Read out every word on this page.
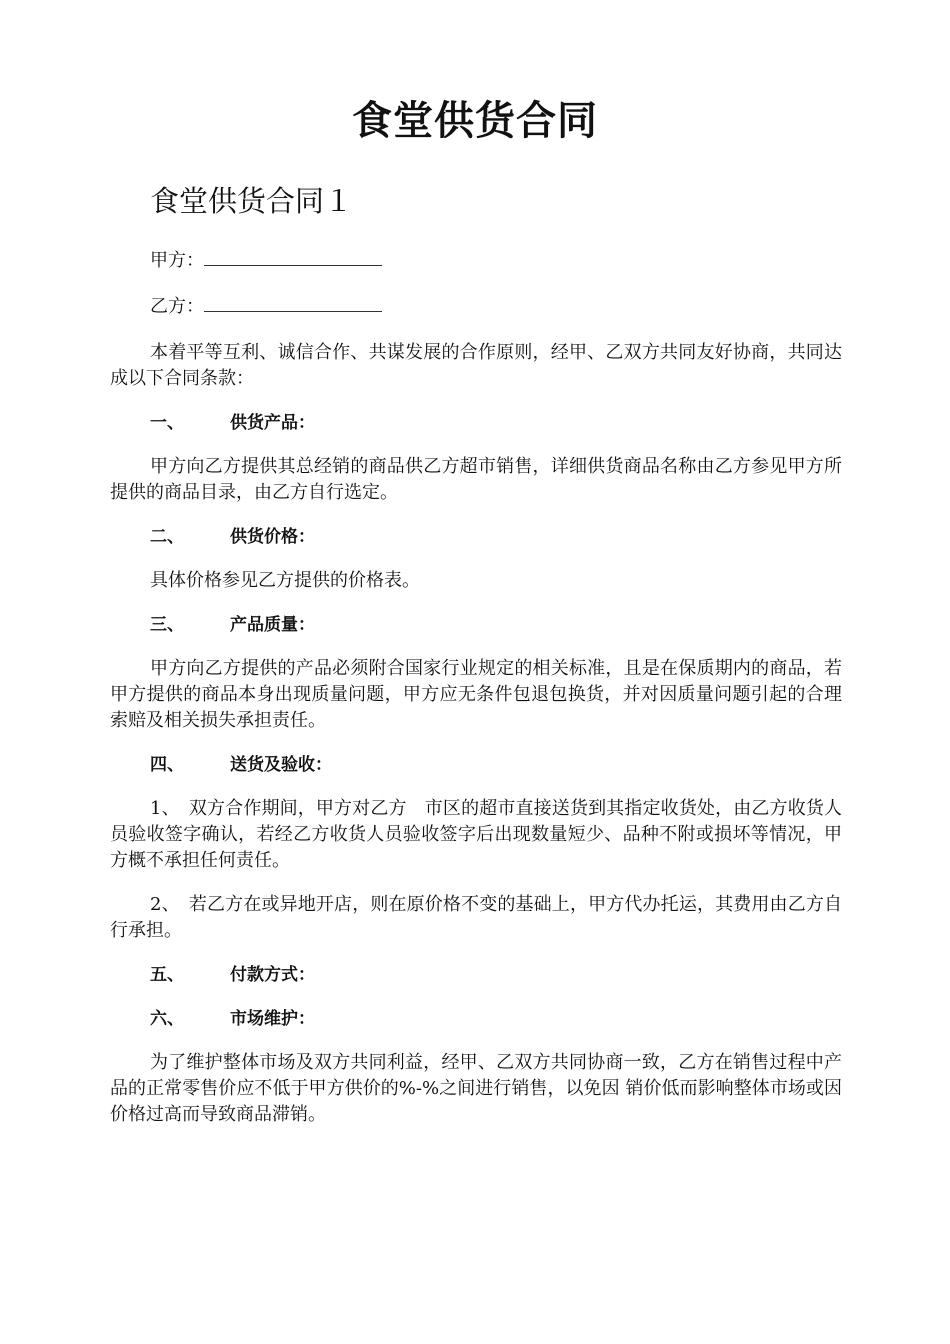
食堂供货合同
食堂供货合同１
甲方：
乙方：

本着平等互利、诚信合作、共谋发展的合作原则，经甲、乙双方共同友好协商，共同达成以下合同条款：

一、	供货产品：

甲方向乙方提供其总经销的商品供乙方超市销售，详细供货商品名称由乙方参见甲方所提供的商品目录，由乙方自行选定。

二、	供货价格：

具体价格参见乙方提供的价格表。

三、	产品质量：

甲方向乙方提供的产品必须附合国家行业规定的相关标准，且是在保质期内的商品，若甲方提供的商品本身出现质量问题，甲方应无条件包退包换货，并对因质量问题引起的合理索赔及相关损失承担责任。

四、	送货及验收：

1、　双方合作期间，甲方对乙方　市区的超市直接送货到其指定收货处，由乙方收货人员验收签字确认，若经乙方收货人员验收签字后出现数量短少、品种不附或损坏等情况，甲方概不承担任何责任。

2、　若乙方在或异地开店，则在原价格不变的基础上，甲方代办托运，其费用由乙方自行承担。

五、	付款方式：
六、	市场维护：

为了维护整体市场及双方共同利益，经甲、乙双方共同协商一致，乙方在销售过程中产品的正常零售价应不低于甲方供价的%-%之间进行销售，以免因 销价低而影响整体市场或因价格过高而导致商品滞销。
